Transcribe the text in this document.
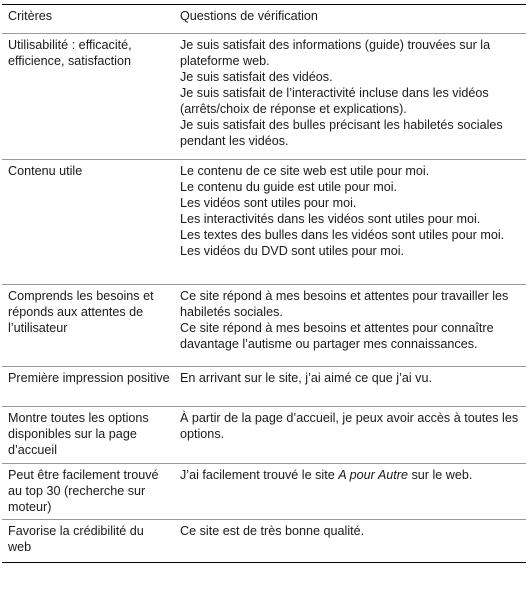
Critères	Questions de vérification
Utilisabilité : efficacité, efficience, satisfaction
Je suis satisfait des informations (guide) trouvées sur la plateforme web.
Je suis satisfait des vidéos.
Je suis satisfait de l’interactivité incluse dans les vidéos (arrêts/choix de réponse et explications).
Je suis satisfait des bulles précisant les habiletés sociales pendant les vidéos.
Contenu utile	Le contenu de ce site web est utile pour moi.
Le contenu du guide est utile pour moi.
Les vidéos sont utiles pour moi.
Les interactivités dans les vidéos sont utiles pour moi.
Les textes des bulles dans les vidéos sont utiles pour moi.
Les vidéos du DVD sont utiles pour moi.
Comprends les besoins et réponds aux attentes de l’utilisateur
Ce site répond à mes besoins et attentes pour travailler les habiletés sociales.
Ce site répond à mes besoins et attentes pour connaître davantage l’autisme ou partager mes connaissances.
Première impression positive En arrivant sur le site, j’ai aimé ce que j’ai vu.
Montre toutes les options disponibles sur la page d’accueil
À partir de la page d’accueil, je peux avoir accès à toutes les options.
Peut être facilement trouvé au top 30 (recherche sur moteur)
J’ai facilement trouvé le site A pour Autre sur le web.
Favorise la crédibilité du web
Ce site est de très bonne qualité.
